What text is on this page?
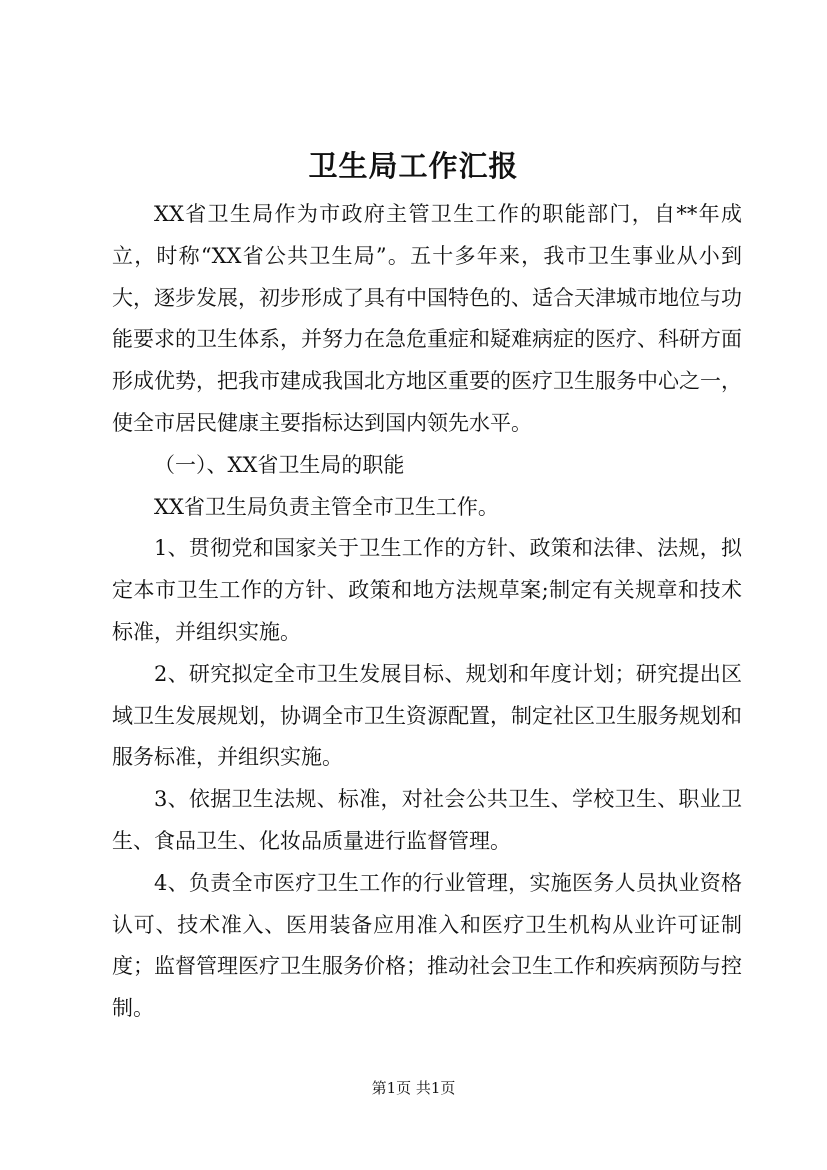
卫生局工作汇报

XX省卫生局作为市政府主管卫生工作的职能部门，自**年成立，时称“XX省公共卫生局”。五十多年来，我市卫生事业从小到大，逐步发展，初步形成了具有中国特色的、适合天津城市地位与功能要求的卫生体系，并努力在急危重症和疑难病症的医疗、科研方面形成优势，把我市建成我国北方地区重要的医疗卫生服务中心之一，使全市居民健康主要指标达到国内领先水平。

（一）、XX省卫生局的职能

XX省卫生局负责主管全市卫生工作。

1、贯彻党和国家关于卫生工作的方针、政策和法律、法规，拟定本市卫生工作的方针、政策和地方法规草案;制定有关规章和技术标准，并组织实施。

2、研究拟定全市卫生发展目标、规划和年度计划；研究提出区域卫生发展规划，协调全市卫生资源配置，制定社区卫生服务规划和服务标准，并组织实施。

3、依据卫生法规、标准，对社会公共卫生、学校卫生、职业卫生、食品卫生、化妆品质量进行监督管理。

4、负责全市医疗卫生工作的行业管理，实施医务人员执业资格认可、技术准入、医用装备应用准入和医疗卫生机构从业许可证制度；监督管理医疗卫生服务价格；推动社会卫生工作和疾病预防与控制。

第1页 共1页
